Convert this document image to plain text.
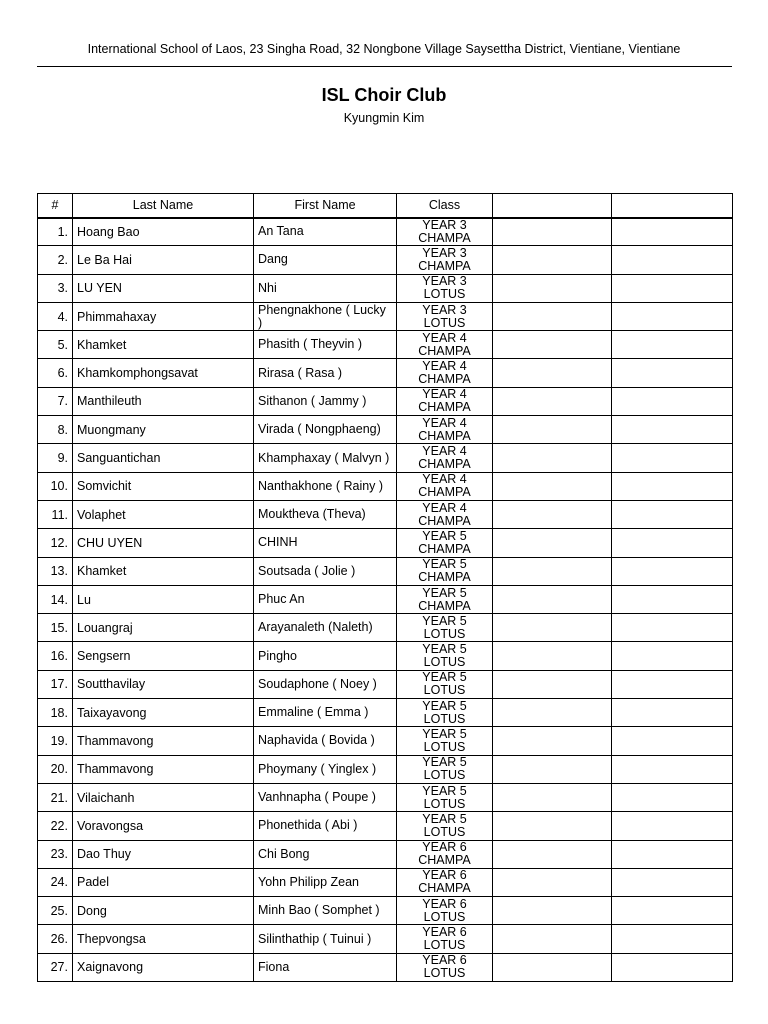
International School of Laos, 23 Singha Road, 32 Nongbone Village Saysettha District, Vientiane, Vientiane
ISL Choir Club
Kyungmin Kim
#	Last Name	First Name	Class		
1.	Hoang Bao	An Tana	YEAR 3
CHAMPA		

2.	Le Ba Hai	Dang	YEAR 3
CHAMPA		

3.	LU YEN	Nhi	YEAR 3
LOTUS		

4.	Phimmahaxay	Phengnakhone ( Lucky )	YEAR 3
LOTUS		

5.	Khamket	Phasith ( Theyvin )	YEAR 4
CHAMPA		

6.	Khamkomphongsavat	Rirasa ( Rasa )	YEAR 4
CHAMPA		

7.	Manthileuth	Sithanon ( Jammy )	YEAR 4
CHAMPA		

8.	Muongmany	Virada ( Nongphaeng)	YEAR 4
CHAMPA		

9.	Sanguantichan	Khamphaxay ( Malvyn )	YEAR 4
CHAMPA		

10.	Somvichit	Nanthakhone ( Rainy )	YEAR 4
CHAMPA		

11.	Volaphet	Mouktheva (Theva)	YEAR 4
CHAMPA		

12.	CHU UYEN	CHINH	YEAR 5
CHAMPA		

13.	Khamket	Soutsada ( Jolie )	YEAR 5
CHAMPA		

14.	Lu	Phuc An	YEAR 5
CHAMPA		

15.	Louangraj	Arayanaleth (Naleth)	YEAR 5
LOTUS		

16.	Sengsern	Pingho	YEAR 5
LOTUS		

17.	Soutthavilay	Soudaphone ( Noey )	YEAR 5
LOTUS		

18.	Taixayavong	Emmaline ( Emma )	YEAR 5
LOTUS		

19.	Thammavong	Naphavida ( Bovida )	YEAR 5
LOTUS		

20.	Thammavong	Phoymany ( Yinglex )	YEAR 5
LOTUS		

21.	Vilaichanh	Vanhnapha ( Poupe )	YEAR 5
LOTUS		

22.	Voravongsa	Phonethida ( Abi )	YEAR 5
LOTUS		

23.	Dao Thuy	Chi Bong	YEAR 6
CHAMPA		

24.	Padel	Yohn Philipp Zean	YEAR 6
CHAMPA		

25.	Dong	Minh Bao ( Somphet )	YEAR 6
LOTUS		

26.	Thepvongsa	Silinthathip ( Tuinui )	YEAR 6
LOTUS		

27.	Xaignavong	Fiona	YEAR 6
LOTUS		
